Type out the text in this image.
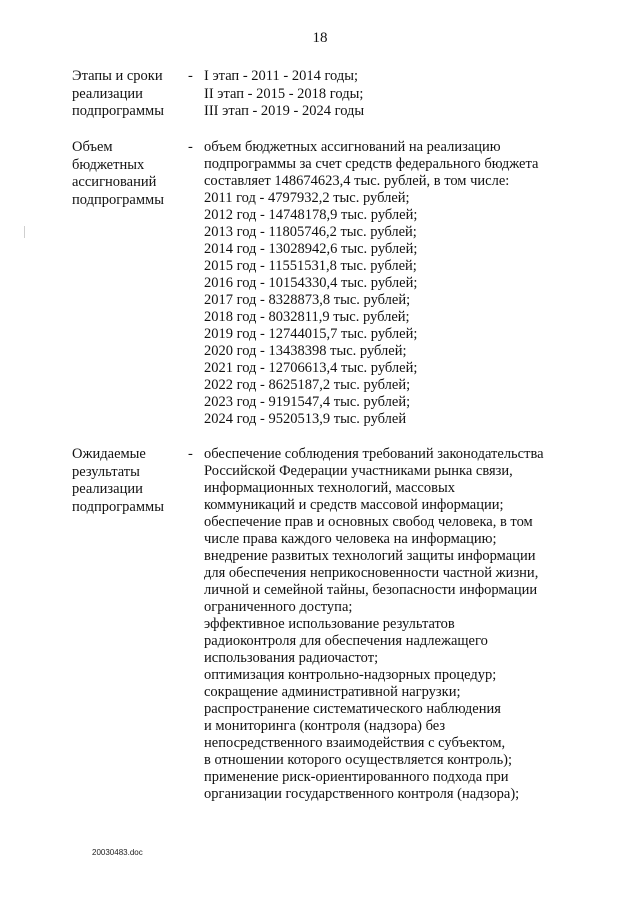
18
Этапы и сроки
реализации
подпрограммы
- I этап - 2011 - 2014 годы;
II этап - 2015 - 2018 годы;
III этап - 2019 - 2024 годы
Объем
бюджетных
ассигнований
подпрограммы
- объем бюджетных ассигнований на реализацию
подпрограммы за счет средств федерального бюджета
составляет 148674623,4 тыс. рублей, в том числе:
2011 год - 4797932,2 тыс. рублей;
2012 год - 14748178,9 тыс. рублей;
2013 год - 11805746,2 тыс. рублей;
2014 год - 13028942,6 тыс. рублей;
2015 год - 11551531,8 тыс. рублей;
2016 год - 10154330,4 тыс. рублей;
2017 год - 8328873,8 тыс. рублей;
2018 год - 8032811,9 тыс. рублей;
2019 год - 12744015,7 тыс. рублей;
2020 год - 13438398 тыс. рублей;
2021 год - 12706613,4 тыс. рублей;
2022 год - 8625187,2 тыс. рублей;
2023 год - 9191547,4 тыс. рублей;
2024 год - 9520513,9 тыс. рублей
Ожидаемые
результаты
реализации
подпрограммы
- обеспечение соблюдения требований законодательства
Российской Федерации участниками рынка связи,
информационных технологий, массовых
коммуникаций и средств массовой информации;
обеспечение прав и основных свобод человека, в том
числе права каждого человека на информацию;
внедрение развитых технологий защиты информации
для обеспечения неприкосновенности частной жизни,
личной и семейной тайны, безопасности информации
ограниченного доступа;
эффективное использование результатов
радиоконтроля для обеспечения надлежащего
использования радиочастот;
оптимизация контрольно-надзорных процедур;
сокращение административной нагрузки;
распространение систематического наблюдения
и мониторинга (контроля (надзора) без
непосредственного взаимодействия с субъектом,
в отношении которого осуществляется контроль);
применение риск-ориентированного подхода при
организации государственного контроля (надзора);
20030483.doc
